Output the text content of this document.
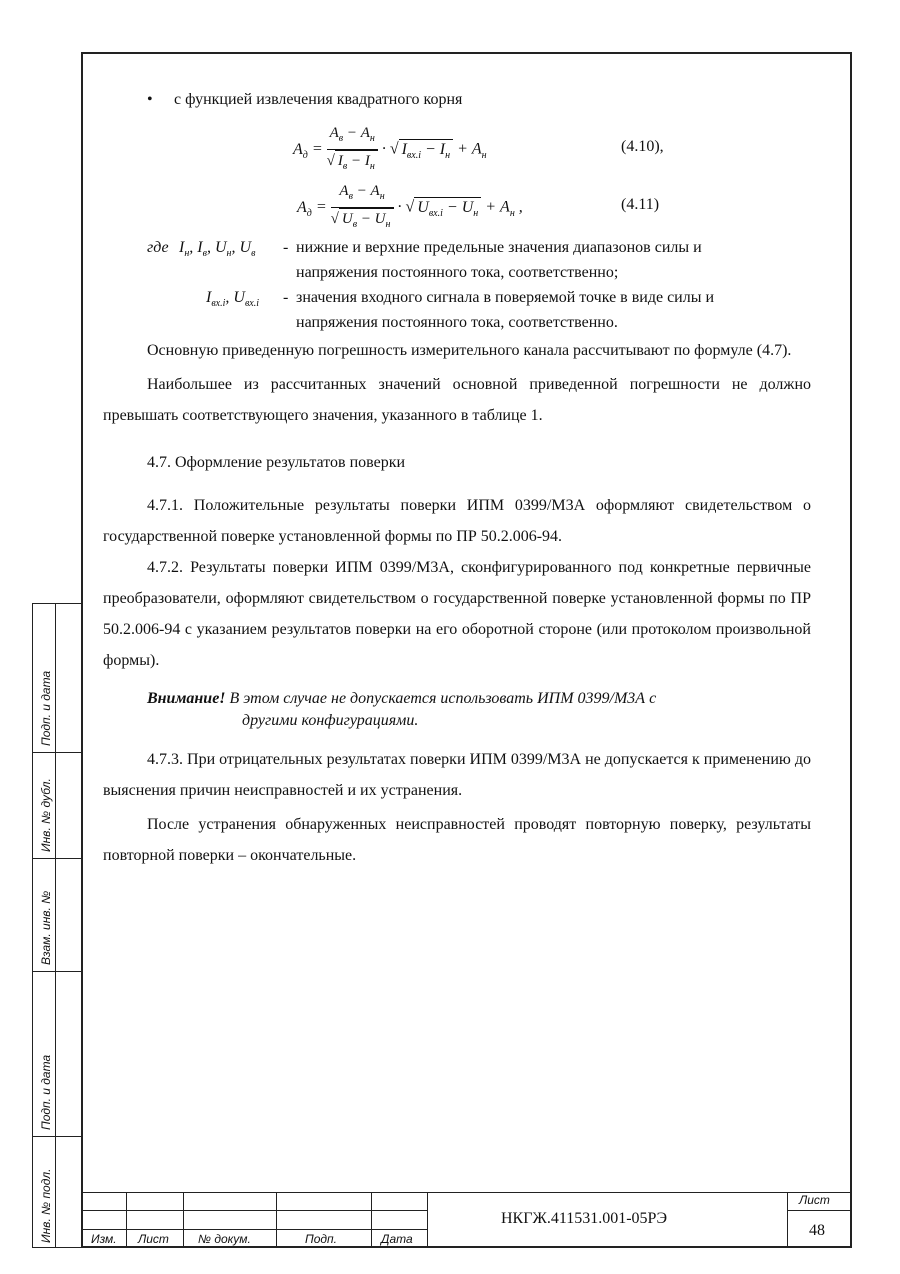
• с функцией извлечения квадратного корня
$A_д = \frac{A_в - A_н}{√ I_в - I_н}$ · √ $I_{вх.i} - I_н + A_н$
(4.10),
$A_д = \frac{A_в - A_н}{√ U_в - U_н}$ · √ $U_{вх.i} - U_н + A_н$ ,	(4.11)
где $I_н$, $I_в$, $U_н$, $U_в$ - нижние и верхние предельные значения диапазонов силы и
напряжения постоянного тока, соответственно;
$I_{вх.i}$, $U_{вх.i}$ - значения входного сигнала в поверяемой точке в виде силы и
напряжения постоянного тока, соответственно.

Основную приведенную погрешность измерительного канала рассчитывают по формуле (4.7).

Наибольшее из рассчитанных значений основной приведенной погрешности не должно превышать соответствующего значения, указанного в таблице 1.

4.7. Оформление результатов поверки

4.7.1. Положительные результаты поверки ИПМ 0399/М3А оформляют свидетельством о государственной поверке установленной формы по ПР 50.2.006-94.

4.7.2. Результаты поверки ИПМ 0399/М3А, сконфигурированного под конкретные первичные преобразователи, оформляют свидетельством о государственной поверке установленной формы по ПР 50.2.006-94 с указанием результатов поверки на его оборотной стороне (или протоколом произвольной формы).

Внимание! В этом случае не допускается использовать ИПМ 0399/М3А с
другими конфигурациями.

4.7.3. При отрицательных результатах поверки ИПМ 0399/М3А не допускается к применению до выяснения причин неисправностей и их устранения.

После устранения обнаруженных неисправностей проводят повторную поверку, результаты повторной поверки – окончательные.

Подп. и дата
Инв. № дубл.
Взам. инв. №
Подп. и дата
Инв. № подл.	Изм. Лист № докум.	Подп.	Дата
НКГЖ.411531.001-05РЭ
Лист
48
